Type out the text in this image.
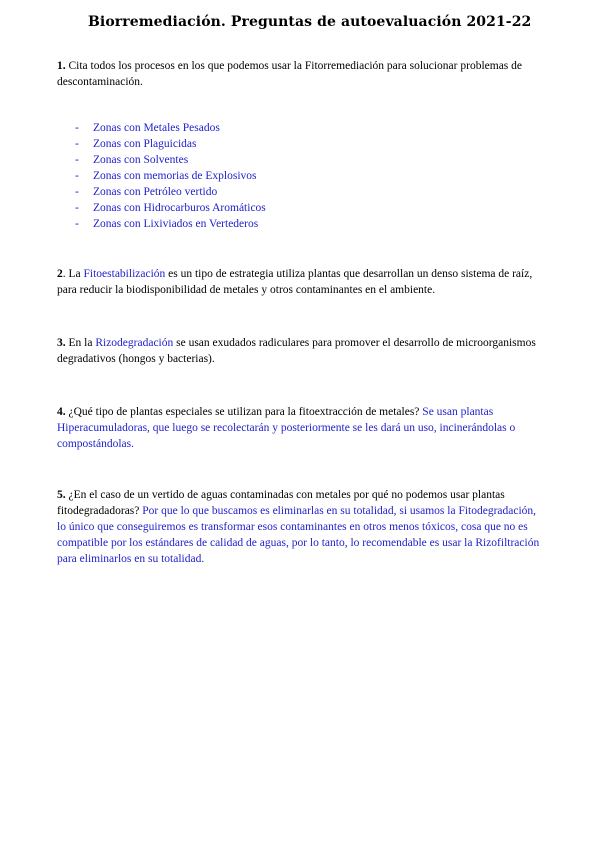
Biorremediación. Preguntas de autoevaluación 2021-22

1. Cita todos los procesos en los que podemos usar la Fitorremediación para solucionar problemas de descontaminación.

-	Zonas con Metales Pesados
-	Zonas con Plaguicidas
-	Zonas con Solventes
-	Zonas con memorias de Explosivos
-	Zonas con Petróleo vertido
-	Zonas con Hidrocarburos Aromáticos
-	Zonas con Lixiviados en Vertederos

2. La Fitoestabilización es un tipo de estrategia utiliza plantas que desarrollan un denso sistema de raíz, para reducir la biodisponibilidad de metales y otros contaminantes en el ambiente.

3. En la Rizodegradación se usan exudados radiculares para promover el desarrollo de microorganismos degradativos (hongos y bacterias).

4. ¿Qué tipo de plantas especiales se utilizan para la fitoextracción de metales? Se usan plantas Hiperacumuladoras, que luego se recolectarán y posteriormente se les dará un uso, incinerándolas o compostándolas.

5. ¿En el caso de un vertido de aguas contaminadas con metales por qué no podemos usar plantas fitodegradadoras? Por que lo que buscamos es eliminarlas en su totalidad, si usamos la Fitodegradación, lo único que conseguiremos es transformar esos contaminantes en otros menos tóxicos, cosa que no es compatible por los estándares de calidad de aguas, por lo tanto, lo recomendable es usar la Rizofiltración para eliminarlos en su totalidad.
